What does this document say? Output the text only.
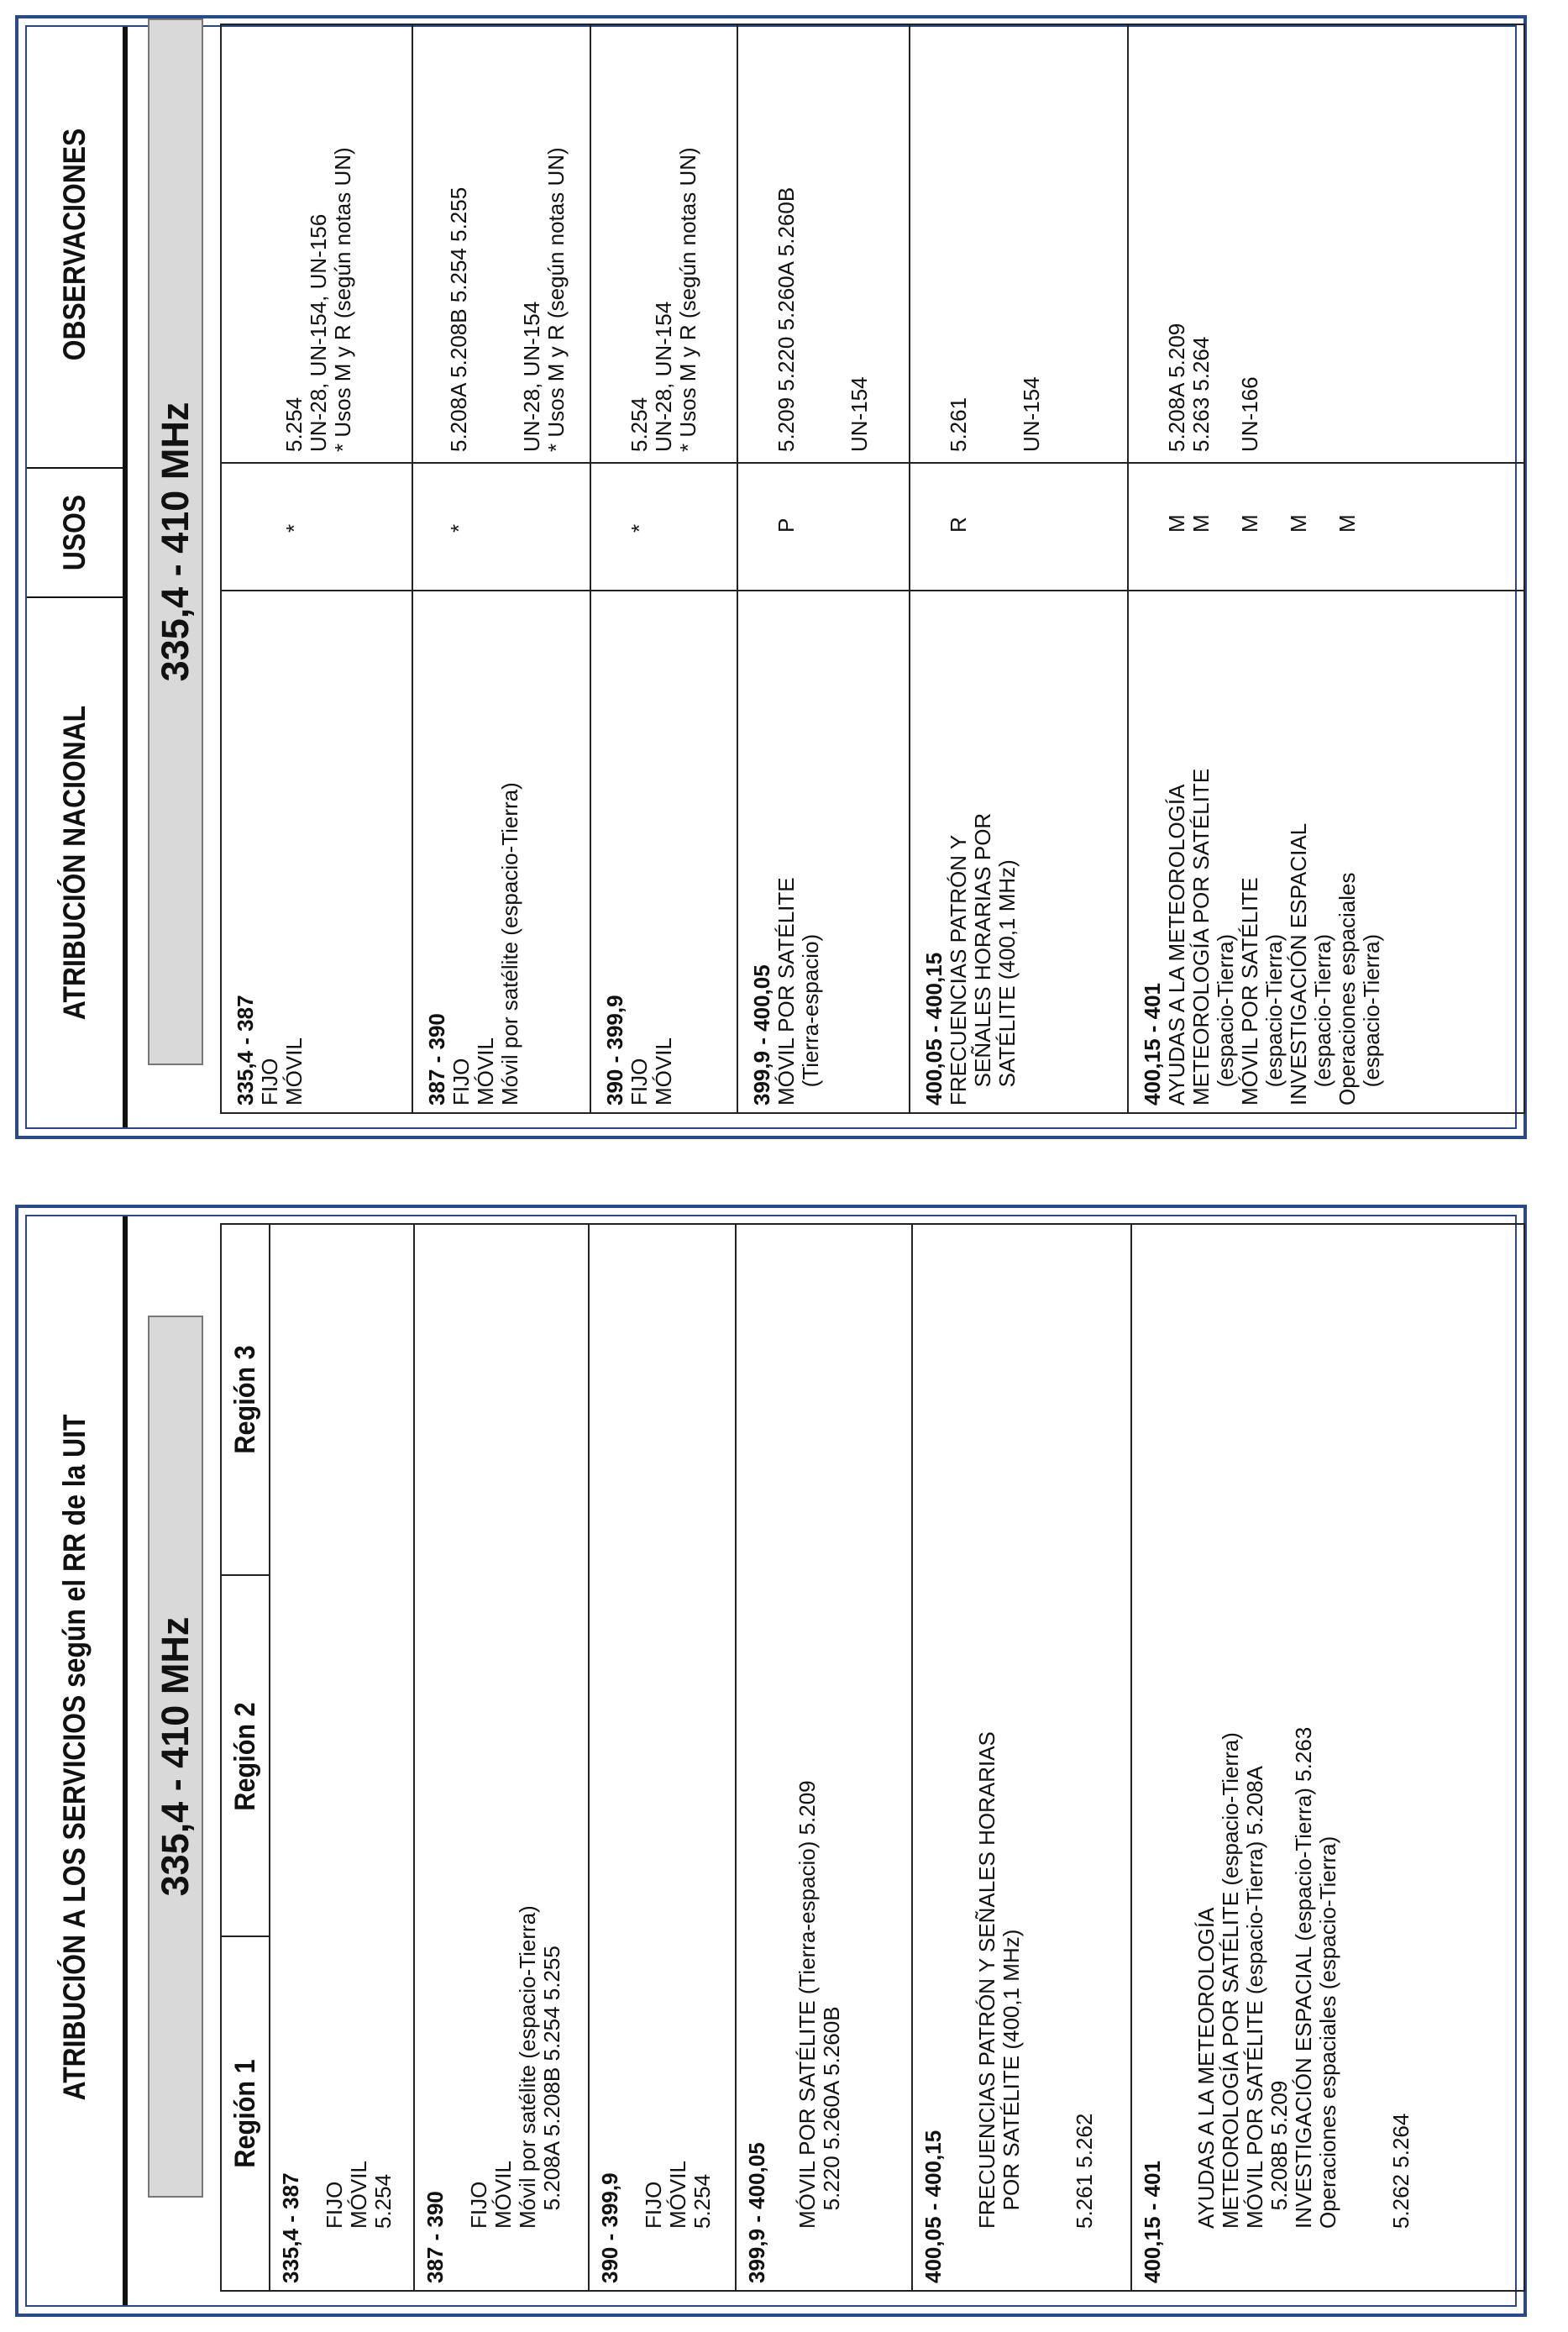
ATRIBUCIÓN A LOS SERVICIOS según el RR de la UIT	335,4 - 410 MHz
Región 1
Región 2
Región 3
335,4 - 387 FIJO
MÓVIL
5.254 387 - 390 FIJO
MÓVIL
Móvil por satélite (espacio-Tierra)
5.208A 5.208B 5.254 5.255
390 - 399,9 FIJO
MÓVIL
5.254 399,9 - 400,05 MÓVIL POR SATÉLITE (Tierra-espacio) 5.209
5.220 5.260A 5.260B
400,05 - 400,15 FRECUENCIAS PATRÓN Y SEÑALES HORARIAS
POR SATÉLITE (400,1 MHz)

5.261 5.262
400,15 - 401 AYUDAS A LA METEOROLOGÍA
METEOROLOGÍA POR SATÉLITE (espacio-Tierra)
MÓVIL POR SATÉLITE (espacio-Tierra) 5.208A
5.208B 5.209
INVESTIGACIÓN ESPACIAL (espacio-Tierra) 5.263
Operaciones espaciales (espacio-Tierra)

5.262 5.264
ATRIBUCIÓN NACIONAL
USOS
OBSERVACIONES
335,4 - 410 MHz
335,4 - 387 FIJO
MÓVIL
*
5.254
UN-28, UN-154, UN-156
* Usos M y R (según notas UN)
387 - 390 FIJO
MÓVIL
Móvil por satélite (espacio-Tierra)
*
5.208A 5.208B 5.254 5.255

UN-28, UN-154
* Usos M y R (según notas UN)
390 - 399,9 FIJO
MÓVIL
*
5.254
UN-28, UN-154
* Usos M y R (según notas UN)
399,9 - 400,05 MÓVIL POR SATÉLITE
(Tierra-espacio)
P
5.209 5.220 5.260A 5.260B

UN-154
400,05 - 400,15 FRECUENCIAS PATRÓN Y
SEÑALES HORARIAS POR
SATÉLITE (400,1 MHz)
R
5.261

UN-154
400,15 - 401 AYUDAS A LA METEOROLOGÍA
METEOROLOGÍA POR SATÉLITE
(espacio-Tierra)
MÓVIL POR SATÉLITE
(espacio-Tierra)
INVESTIGACIÓN ESPACIAL
(espacio-Tierra)
Operaciones espaciales
(espacio-Tierra)
M
M

M

M

M
5.208A 5.209
5.263 5.264

UN-166
